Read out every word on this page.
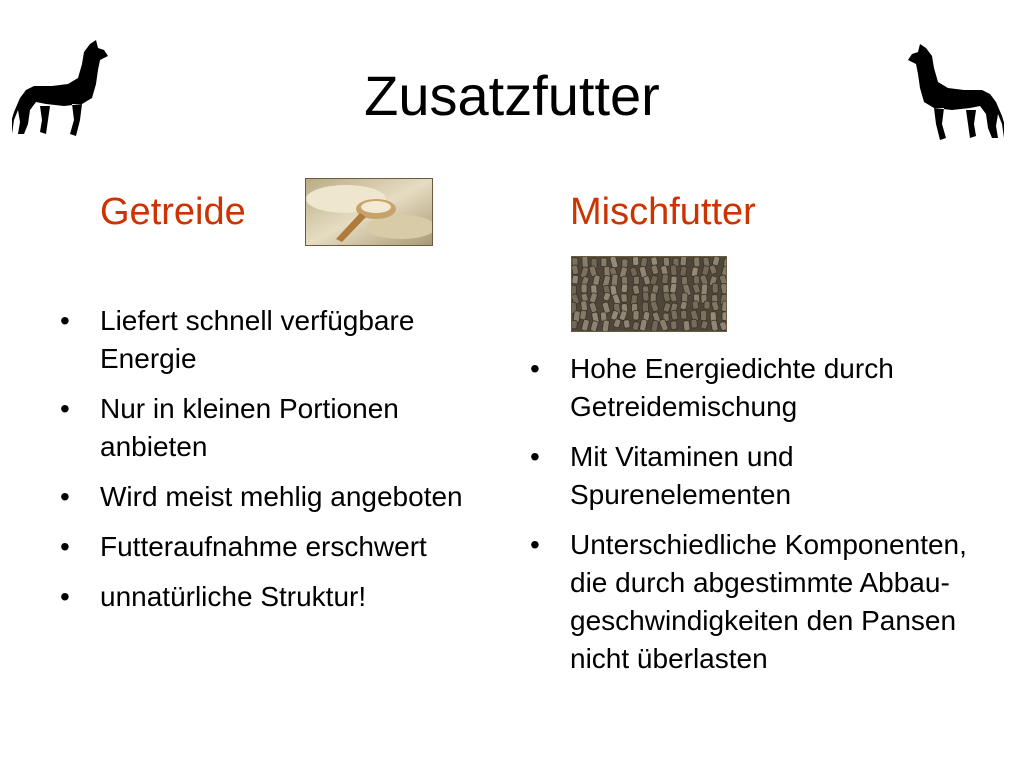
Zusatzfutter
Getreide
• Liefert schnell verfügbare Energie
• Nur in kleinen Portionen anbieten
• Wird meist mehlig angeboten
• Futteraufnahme erschwert
• unnatürliche Struktur!
Mischfutter
• Hohe Energiedichte durch Getreidemischung
• Mit Vitaminen und Spurenelementen
• Unterschiedliche Komponenten, die durch abgestimmte Abbau-geschwindigkeiten den Pansen nicht überlasten
